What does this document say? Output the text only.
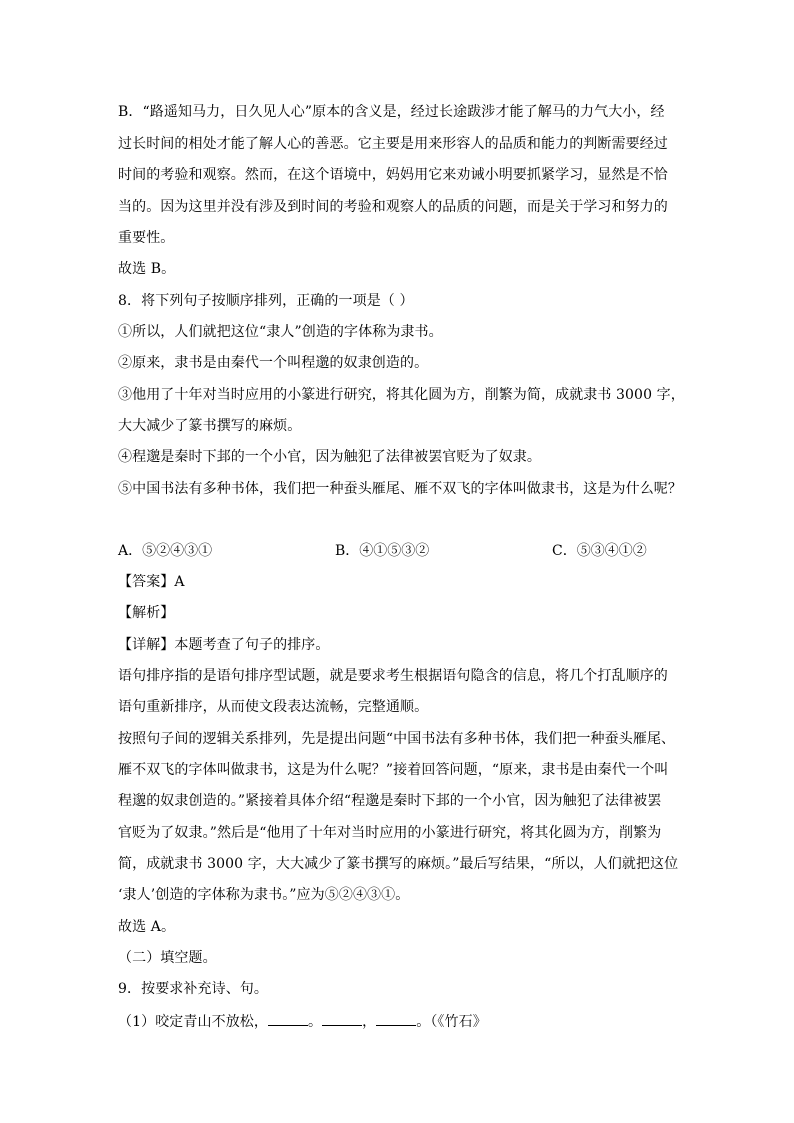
B．“路遥知马力，日久见人心”原本的含义是，经过长途跋涉才能了解马的力气大小，经
过长时间的相处才能了解人心的善恶。它主要是用来形容人的品质和能力的判断需要经过
时间的考验和观察。然而，在这个语境中，妈妈用它来劝诫小明要抓紧学习，显然是不恰
当的。因为这里并没有涉及到时间的考验和观察人的品质的问题，而是关于学习和努力的
重要性。
故选 B。
8．将下列句子按顺序排列，正确的一项是（ ）
①所以，人们就把这位“隶人”创造的字体称为隶书。
②原来，隶书是由秦代一个叫程邈的奴隶创造的。
③他用了十年对当时应用的小篆进行研究，将其化圆为方，削繁为简，成就隶书 3000 字，
大大减少了篆书撰写的麻烦。
④程邈是秦时下邽的一个小官，因为触犯了法律被罢官贬为了奴隶。
⑤中国书法有多种书体，我们把一种蚕头雁尾、雁不双飞的字体叫做隶书，这是为什么呢？
A．⑤②④③①	B．④①⑤③②	C．⑤③④①②
【答案】A
【解析】
【详解】本题考查了句子的排序。
语句排序指的是语句排序型试题，就是要求考生根据语句隐含的信息，将几个打乱顺序的
语句重新排序，从而使文段表达流畅，完整通顺。
按照句子间的逻辑关系排列，先是提出问题“中国书法有多种书体，我们把一种蚕头雁尾、
雁不双飞的字体叫做隶书，这是为什么呢？”接着回答问题，“原来，隶书是由秦代一个叫
程邈的奴隶创造的。”紧接着具体介绍“程邈是秦时下邽的一个小官，因为触犯了法律被罢
官贬为了奴隶。”然后是“他用了十年对当时应用的小篆进行研究，将其化圆为方，削繁为
简，成就隶书 3000 字，大大减少了篆书撰写的麻烦。”最后写结果，“所以，人们就把这位
‘隶人’创造的字体称为隶书。”应为⑤②④③①。
故选 A。
（二）填空题。
9．按要求补充诗、句。
（1）咬定青山不放松，	。	，	。（《竹石》
